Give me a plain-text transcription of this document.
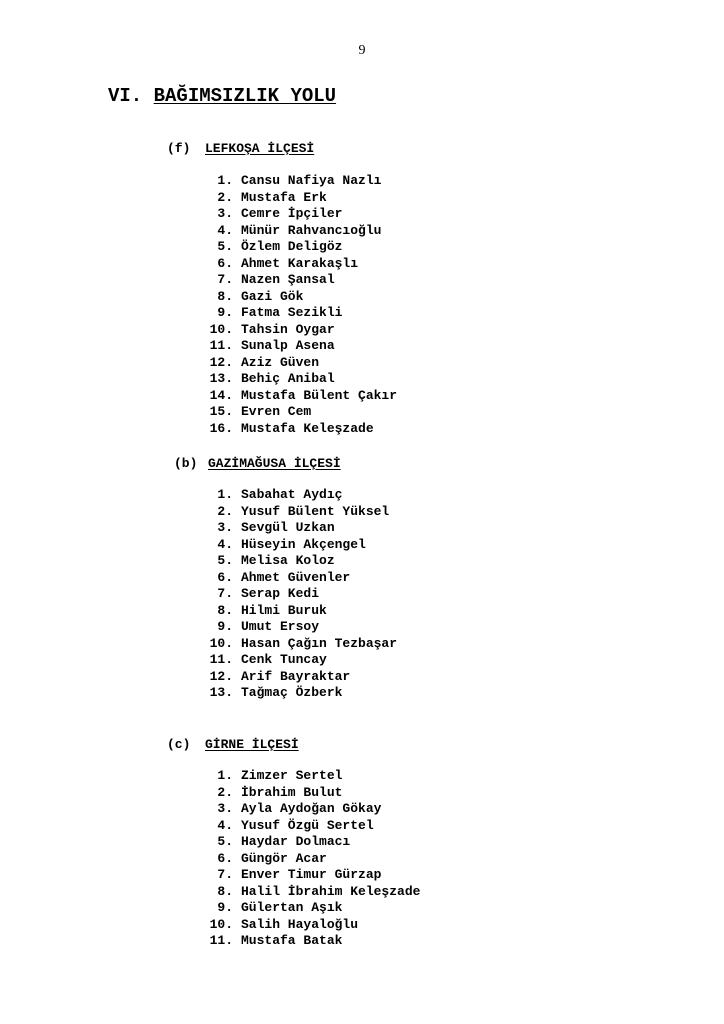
9
VI. BAĞIMSIZLIK YOLU
(f) LEFKOŞA İLÇESİ
1. Cansu Nafiya Nazlı
2. Mustafa Erk
3. Cemre İpçiler
4. Münür Rahvancıoğlu
5. Özlem Deligöz
6. Ahmet Karakaşlı
7. Nazen Şansal
8. Gazi Gök
9. Fatma Sezikli
10. Tahsin Oygar
11. Sunalp Asena
12. Aziz Güven
13. Behiç Anibal
14. Mustafa Bülent Çakır
15. Evren Cem
16. Mustafa Keleşzade
(b) GAZİMAĞUSA İLÇESİ
1. Sabahat Aydıç
2. Yusuf Bülent Yüksel
3. Sevgül Uzkan
4. Hüseyin Akçengel
5. Melisa Koloz
6. Ahmet Güvenler
7. Serap Kedi
8. Hilmi Buruk
9. Umut Ersoy
10. Hasan Çağın Tezbaşar
11. Cenk Tuncay
12. Arif Bayraktar
13. Tağmaç Özberk
(c) GİRNE İLÇESİ
1. Zimzer Sertel
2. İbrahim Bulut
3. Ayla Aydoğan Gökay
4. Yusuf Özgü Sertel
5. Haydar Dolmacı
6. Güngör Acar
7. Enver Timur Gürzap
8. Halil İbrahim Keleşzade
9. Gülertan Aşık
10. Salih Hayaloğlu
11. Mustafa Batak
